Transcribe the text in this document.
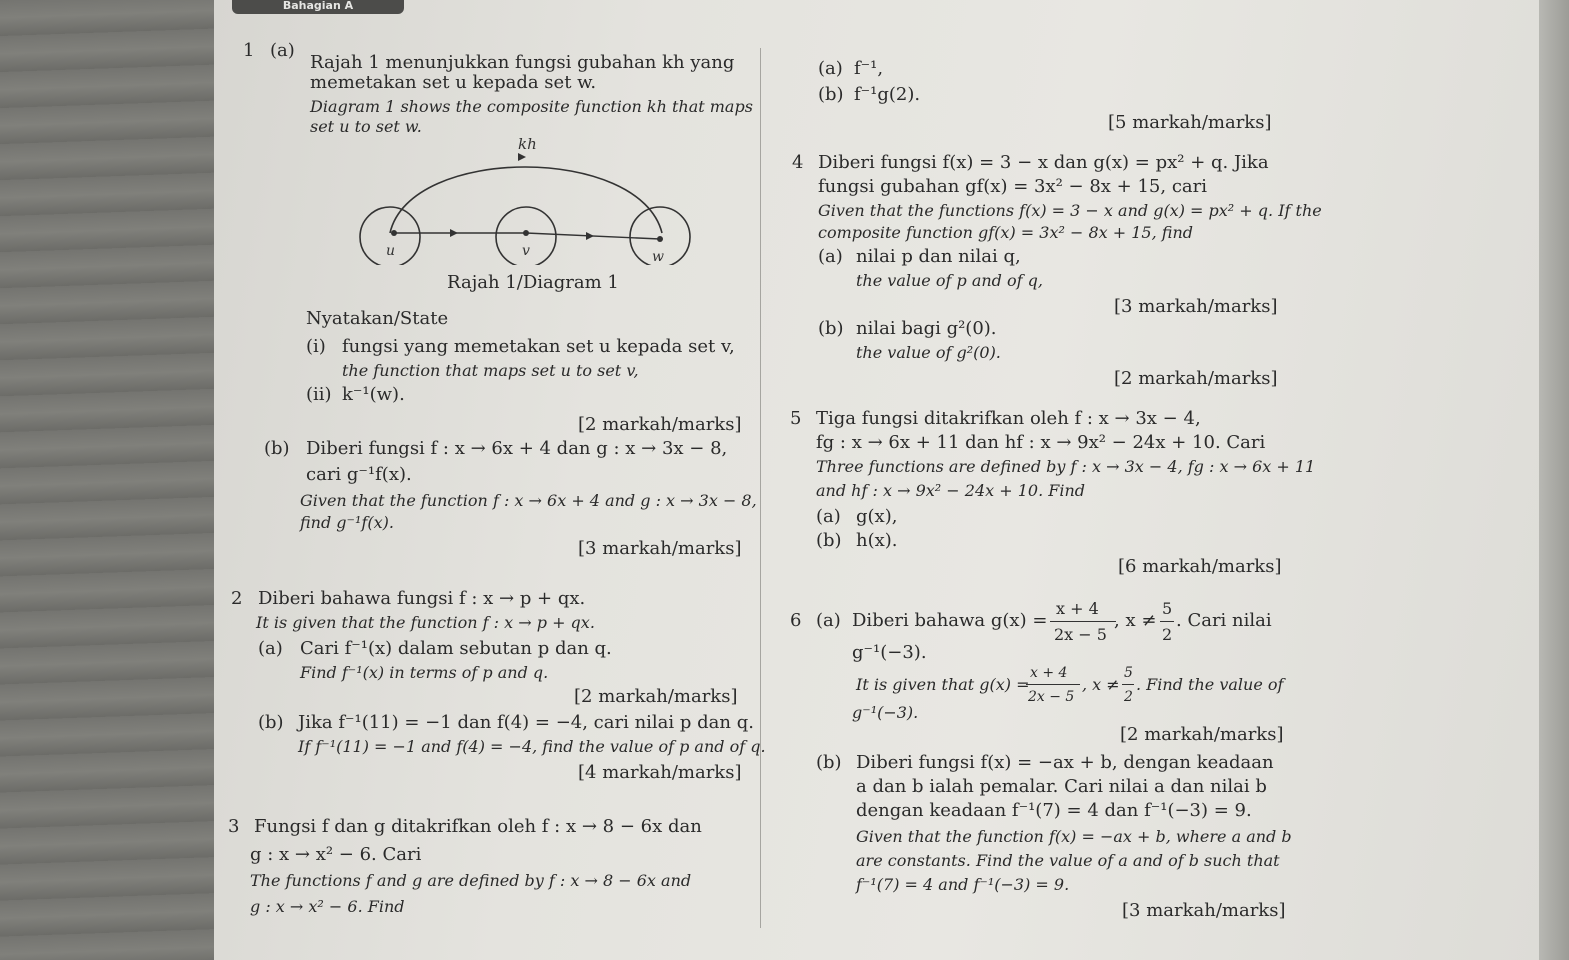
Bahagian A
1 (a)
Rajah 1 menunjukkan fungsi gubahan kh yang
memetakan set u kepada set w.
Diagram 1 shows the composite function kh that maps
set u to set w.
kh
u	v	w
Rajah 1/Diagram 1
Nyatakan/State
(i) fungsi yang memetakan set u kepada set v,
the function that maps set u to set v,
(ii) k⁻¹(w).
[2 markah/marks]
(b) Diberi fungsi f : x → 6x + 4 dan g : x → 3x − 8,
cari g⁻¹f(x).
Given that the function f : x → 6x + 4 and g : x → 3x − 8,
find g⁻¹f(x).
[3 markah/marks]
2 Diberi bahawa fungsi f : x → p + qx.
It is given that the function f : x → p + qx.
(a) Cari f⁻¹(x) dalam sebutan p dan q.
Find f⁻¹(x) in terms of p and q.
[2 markah/marks]
(b) Jika f⁻¹(11) = −1 dan f(4) = −4, cari nilai p dan q.
If f⁻¹(11) = −1 and f(4) = −4, find the value of p and of q.
[4 markah/marks]
3 Fungsi f dan g ditakrifkan oleh f : x → 8 − 6x dan
g : x → x² − 6. Cari
The functions f and g are defined by f : x → 8 − 6x and
g : x → x² − 6. Find
(a) f⁻¹,
(b) f⁻¹g(2).
[5 markah/marks]
4 Diberi fungsi f(x) = 3 − x dan g(x) = px² + q. Jika
fungsi gubahan gf(x) = 3x² − 8x + 15, cari
Given that the functions f(x) = 3 − x and g(x) = px² + q. If the
composite function gf(x) = 3x² − 8x + 15, find
(a) nilai p dan nilai q,
the value of p and of q,
[3 markah/marks]
(b) nilai bagi g²(0).
the value of g²(0).
[2 markah/marks]
5 Tiga fungsi ditakrifkan oleh f : x → 3x − 4,
fg : x → 6x + 11 dan hf : x → 9x² − 24x + 10. Cari
Three functions are defined by f : x → 3x − 4, fg : x → 6x + 11
and hf : x → 9x² − 24x + 10. Find
(a) g(x),
(b) h(x).
[6 markah/marks]
6 (a) Diberi bahawa g(x) =
x + 4
2x − 5
, x ≠
5
2
. Cari nilai
g⁻¹(−3).
It is given that g(x) =
x + 4
2x − 5
, x ≠
5
2
. Find the value of
g⁻¹(−3).
[2 markah/marks]
(b) Diberi fungsi f(x) = −ax + b, dengan keadaan
a dan b ialah pemalar. Cari nilai a dan nilai b
dengan keadaan f⁻¹(7) = 4 dan f⁻¹(−3) = 9.
Given that the function f(x) = −ax + b, where a and b
are constants. Find the value of a and of b such that
f⁻¹(7) = 4 and f⁻¹(−3) = 9.
[3 markah/marks]
